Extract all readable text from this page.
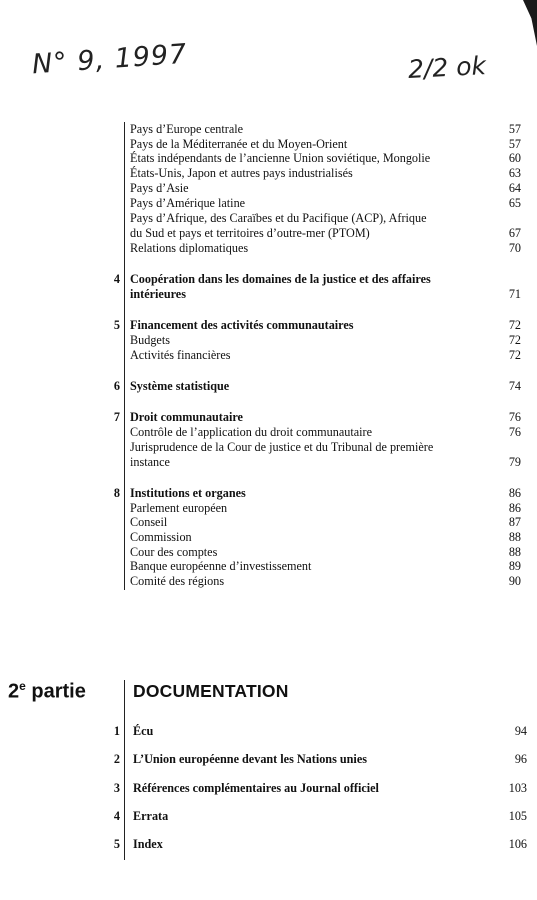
N° 9, 1997	2/2 ok
Pays d’Europe centrale	57
Pays de la Méditerranée et du Moyen-Orient	57
États indépendants de l’ancienne Union soviétique, Mongolie	60
États-Unis, Japon et autres pays industrialisés	63
Pays d’Asie	64
Pays d’Amérique latine	65
Pays d’Afrique, des Caraïbes et du Pacifique (ACP), Afrique
du Sud et pays et territoires d’outre-mer (PTOM)	67
Relations diplomatiques	70
4 Coopération dans les domaines de la justice et des affaires
intérieures	71
5 Financement des activités communautaires	72
Budgets	72
Activités financières	72
6 Système statistique	74
7 Droit communautaire	76
Contrôle de l’application du droit communautaire	76
Jurisprudence de la Cour de justice et du Tribunal de première
instance	79
8 Institutions et organes	86
Parlement européen	86
Conseil	87
Commission	88
Cour des comptes	88
Banque européenne d’investissement	89
Comité des régions	90
2e partie	DOCUMENTATION
1 Écu	94
2 L’Union européenne devant les Nations unies	96
3 Références complémentaires au Journal officiel	103
4 Errata	105
5 Index	106
